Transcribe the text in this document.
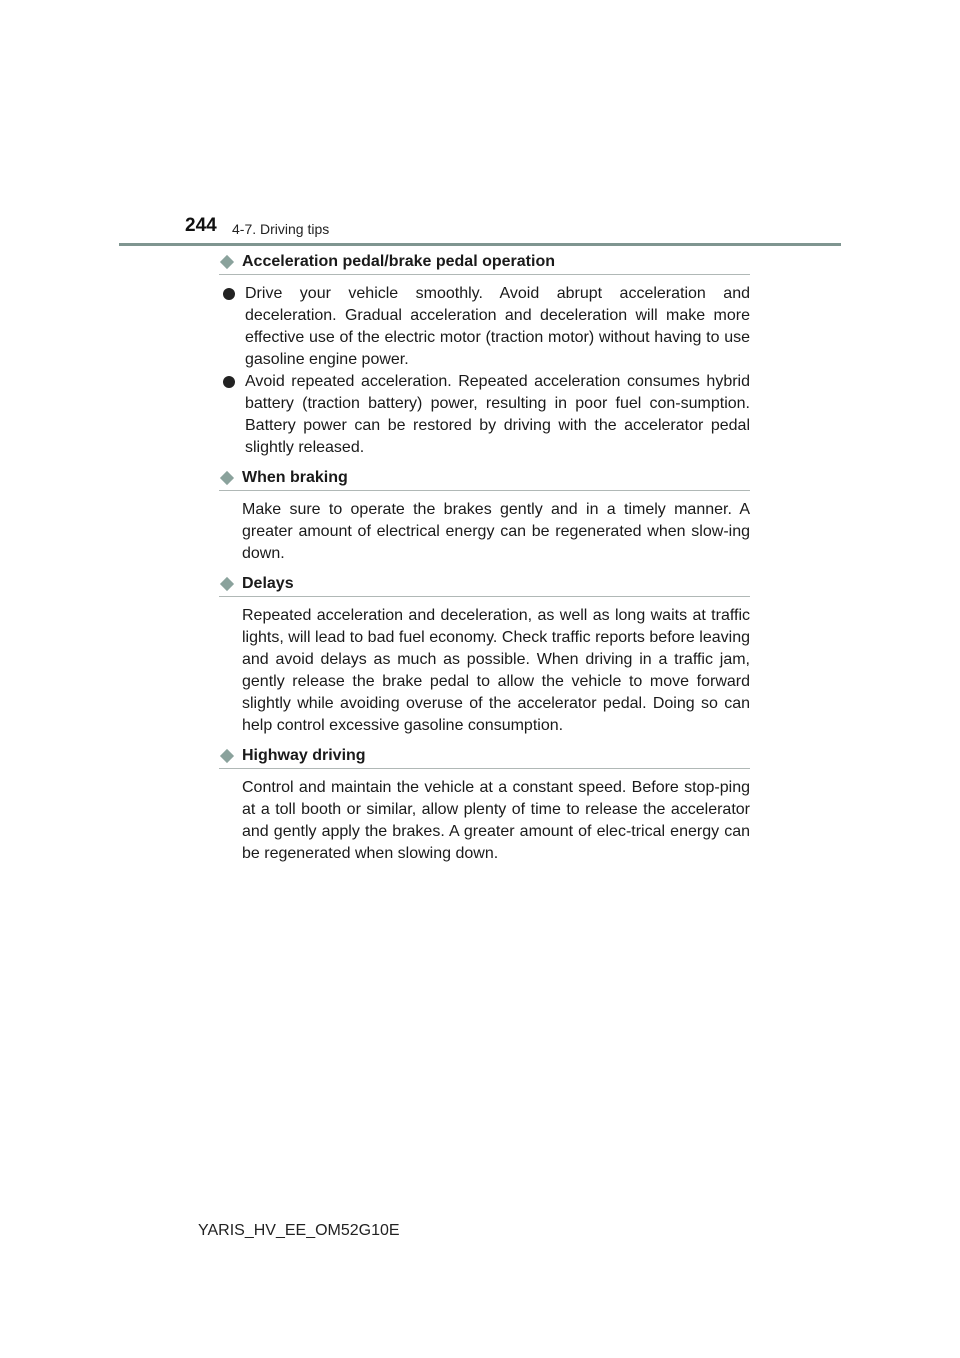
244 4-7. Driving tips
Acceleration pedal/brake pedal operation
Drive your vehicle smoothly. Avoid abrupt acceleration and deceleration. Gradual acceleration and deceleration will make more effective use of the electric motor (traction motor) without having to use gasoline engine power.
Avoid repeated acceleration. Repeated acceleration consumes hybrid battery (traction battery) power, resulting in poor fuel con-sumption. Battery power can be restored by driving with the accelerator pedal slightly released.
When braking

Make sure to operate the brakes gently and in a timely manner. A greater amount of electrical energy can be regenerated when slow-ing down.

Delays

Repeated acceleration and deceleration, as well as long waits at traffic lights, will lead to bad fuel economy. Check traffic reports before leaving and avoid delays as much as possible. When driving in a traffic jam, gently release the brake pedal to allow the vehicle to move forward slightly while avoiding overuse of the accelerator pedal. Doing so can help control excessive gasoline consumption.

Highway driving

Control and maintain the vehicle at a constant speed. Before stop-ping at a toll booth or similar, allow plenty of time to release the accelerator and gently apply the brakes. A greater amount of elec-trical energy can be regenerated when slowing down.

YARIS_HV_EE_OM52G10E
